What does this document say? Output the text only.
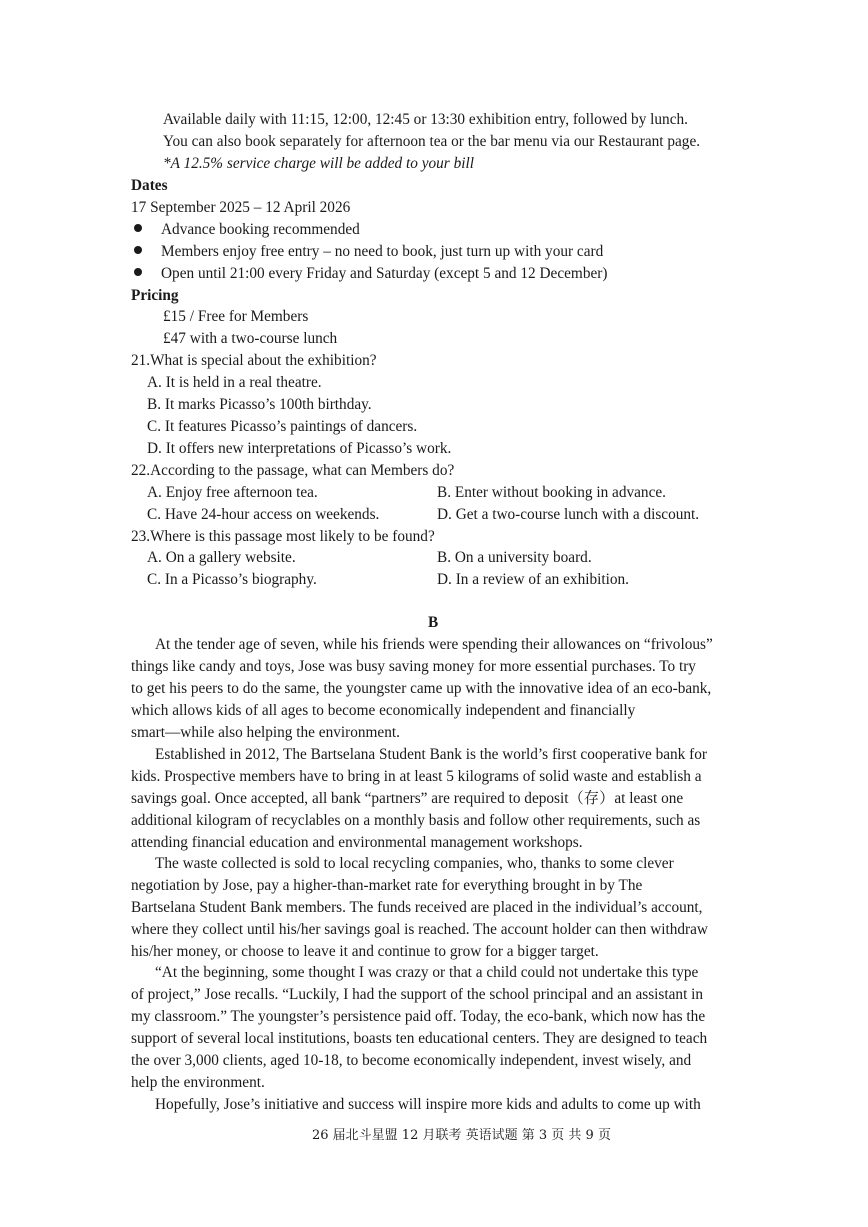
Available daily with 11:15, 12:00, 12:45 or 13:30 exhibition entry, followed by lunch.
You can also book separately for afternoon tea or the bar menu via our Restaurant page.
*A 12.5% service charge will be added to your bill
Dates
17 September 2025 – 12 April 2026
Advance booking recommended
Members enjoy free entry – no need to book, just turn up with your card
Open until 21:00 every Friday and Saturday (except 5 and 12 December)
Pricing
£15 / Free for Members
£47 with a two-course lunch
21.What is special about the exhibition?
A. It is held in a real theatre.
B. It marks Picasso’s 100th birthday.
C. It features Picasso’s paintings of dancers.
D. It offers new interpretations of Picasso’s work.
22.According to the passage, what can Members do?
A. Enjoy free afternoon tea.	B. Enter without booking in advance.
C. Have 24-hour access on weekends.	D. Get a two-course lunch with a discount.
23.Where is this passage most likely to be found?
A. On a gallery website.	B. On a university board.
C. In a Picasso’s biography.	D. In a review of an exhibition.
B
At the tender age of seven, while his friends were spending their allowances on “frivolous”
things like candy and toys, Jose was busy saving money for more essential purchases. To try
to get his peers to do the same, the youngster came up with the innovative idea of an eco-bank,
which allows kids of all ages to become economically independent and financially
smart—while also helping the environment.
Established in 2012, The Bartselana Student Bank is the world’s first cooperative bank for
kids. Prospective members have to bring in at least 5 kilograms of solid waste and establish a
savings goal. Once accepted, all bank “partners” are required to deposit（存）at least one
additional kilogram of recyclables on a monthly basis and follow other requirements, such as
attending financial education and environmental management workshops.
The waste collected is sold to local recycling companies, who, thanks to some clever
negotiation by Jose, pay a higher-than-market rate for everything brought in by The
Bartselana Student Bank members. The funds received are placed in the individual’s account,
where they collect until his/her savings goal is reached. The account holder can then withdraw
his/her money, or choose to leave it and continue to grow for a bigger target.
“At the beginning, some thought I was crazy or that a child could not undertake this type
of project,” Jose recalls. “Luckily, I had the support of the school principal and an assistant in
my classroom.” The youngster’s persistence paid off. Today, the eco-bank, which now has the
support of several local institutions, boasts ten educational centers. They are designed to teach
the over 3,000 clients, aged 10-18, to become economically independent, invest wisely, and
help the environment.
Hopefully, Jose’s initiative and success will inspire more kids and adults to come up with
26 届北斗星盟 12 月联考 英语试题 第 3 页 共 9 页
